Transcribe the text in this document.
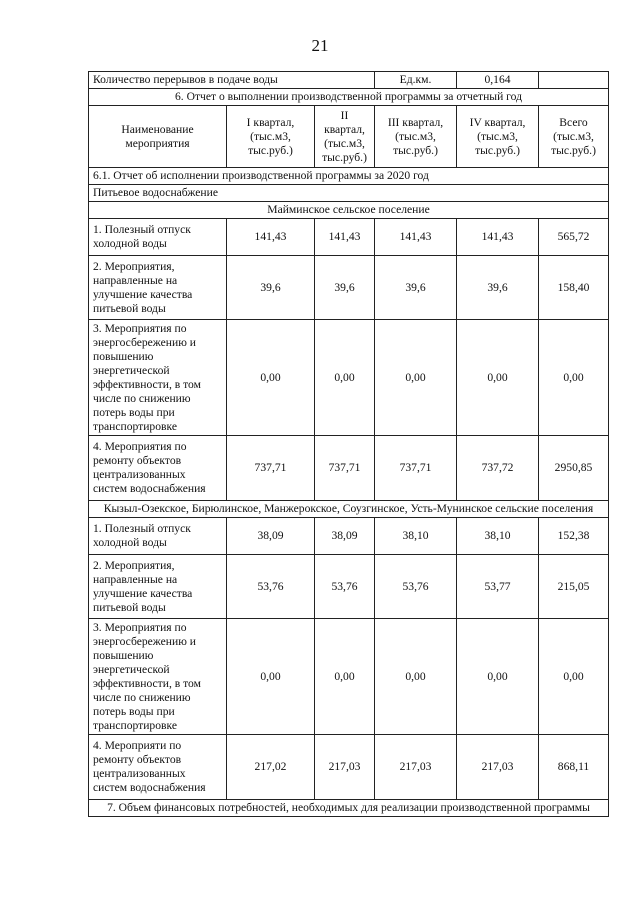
21
Количество перерывов в подаче воды			Ед.км.	0,164	
6. Отчет о выполнении производственной программы за отчетный год					
Наименование мероприятия	I квартал, (тыс.м3, тыс.руб.)	II квартал, (тыс.м3, тыс.руб.)	III квартал, (тыс.м3, тыс.руб.)	IV квартал, (тыс.м3, тыс.руб.)	Всего (тыс.м3, тыс.руб.)
6.1. Отчет об исполнении производственной программы за 2020 год					
Питьевое водоснабжение					
Майминское сельское поселение					
1. Полезный отпуск холодной воды	141,43	141,43	141,43	141,43	565,72
2. Мероприятия, направленные на улучшение качества питьевой воды	39,6	39,6	39,6	39,6	158,40
3. Мероприятия по энергосбережению и повышению энергетической эффективности, в том числе по снижению потерь воды при транспортировке	0,00	0,00	0,00	0,00	0,00
4. Мероприятия по ремонту объектов централизованных систем водоснабжения	737,71	737,71	737,71	737,72	2950,85
Кызыл-Озекское, Бирюлинское, Манжерокское, Соузгинское, Усть-Мунинское сельские поселения					
1. Полезный отпуск холодной воды	38,09	38,09	38,10	38,10	152,38
2. Мероприятия, направленные на улучшение качества питьевой воды	53,76	53,76	53,76	53,77	215,05
3. Мероприятия по энергосбережению и повышению энергетической эффективности, в том числе по снижению потерь воды при транспортировке	0,00	0,00	0,00	0,00	0,00
4. Мероприяти по ремонту объектов централизованных систем водоснабжения	217,02	217,03	217,03	217,03	868,11
7. Объем финансовых потребностей, необходимых для реализации производственной программы					
